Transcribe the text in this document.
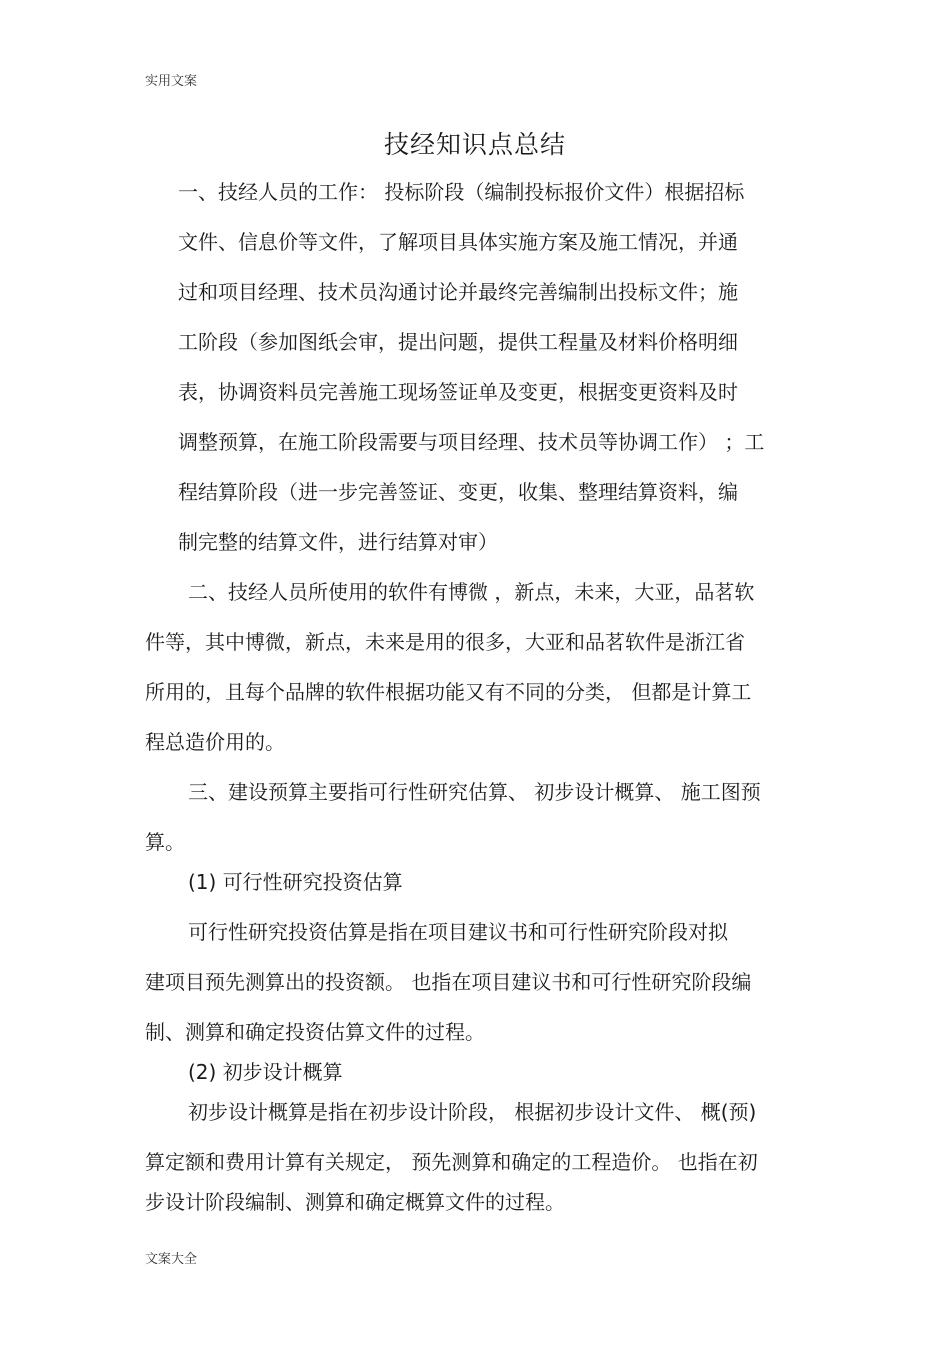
实用文案
技经知识点总结
一、技经人员的工作： 投标阶段（编制投标报价文件）根据招标
文件、信息价等文件，了解项目具体实施方案及施工情况，并通
过和项目经理、技术员沟通讨论并最终完善编制出投标文件；施
工阶段（参加图纸会审，提出问题，提供工程量及材料价格明细
表，协调资料员完善施工现场签证单及变更，根据变更资料及时
调整预算，在施工阶段需要与项目经理、技术员等协调工作） ；工
程结算阶段（进一步完善签证、变更，收集、整理结算资料，编
制完整的结算文件，进行结算对审）
二、技经人员所使用的软件有博微 ，新点，未来，大亚，品茗软
件等，其中博微，新点，未来是用的很多，大亚和品茗软件是浙江省
所用的，且每个品牌的软件根据功能又有不同的分类， 但都是计算工
程总造价用的。
三、建设预算主要指可行性研究估算、 初步设计概算、 施工图预
算。
(1) 可行性研究投资估算
可行性研究投资估算是指在项目建议书和可行性研究阶段对拟
建项目预先测算出的投资额。 也指在项目建议书和可行性研究阶段编
制、测算和确定投资估算文件的过程。
(2) 初步设计概算
初步设计概算是指在初步设计阶段， 根据初步设计文件、 概(预)
算定额和费用计算有关规定， 预先测算和确定的工程造价。 也指在初
步设计阶段编制、测算和确定概算文件的过程。
文案大全
